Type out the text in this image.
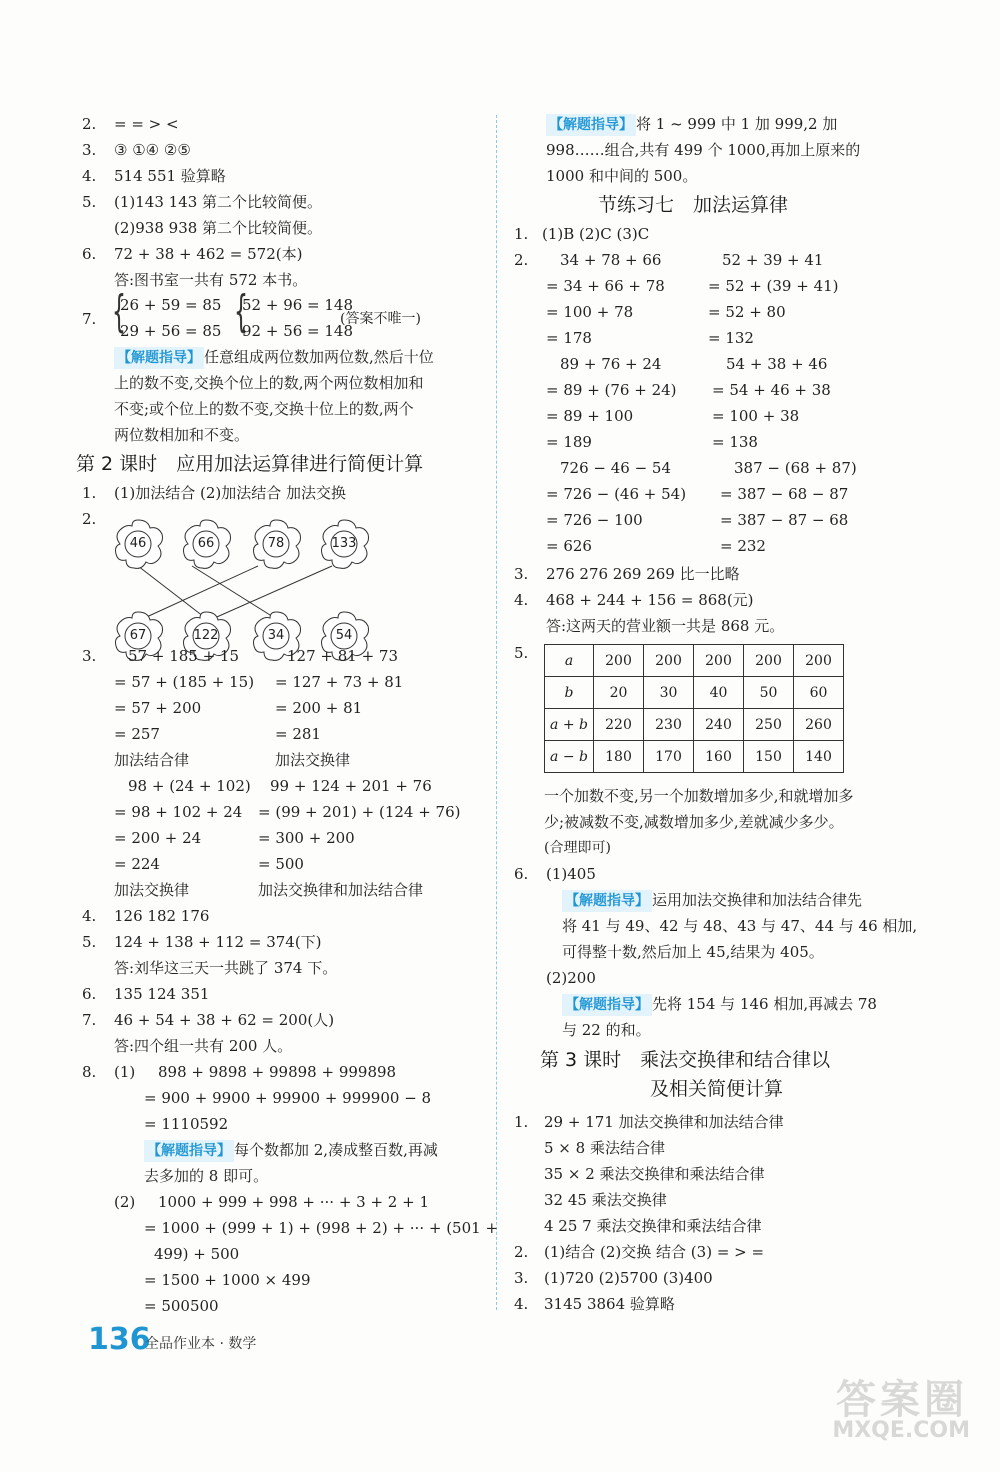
2. = = > <
3. ③ ①④ ②⑤
4. 514 551 验算略
5. (1)143 143 第二个比较简便。
(2)938 938 第二个比较简便。
6. 72 + 38 + 462 = 572(本)
答:图书室一共有 572 本书。
7. {
26 + 59 = 85
29 + 56 = 85 {
52 + 96 = 148
92 + 56 = 148
(答案不唯一)
【解题指导】 任意组成两位数加两位数,然后十位
上的数不变,交换个位上的数,两个两位数相加和
不变;或个位上的数不变,交换十位上的数,两个
两位数相加和不变。
第 2 课时　应用加法运算律进行简便计算
1. (1)加法结合 (2)加法结合 加法交换
2.
46	66	78	133
67	122	34	54
3. 57 + 185 + 15
= 57 + (185 + 15)
= 57 + 200
= 257
加法结合律
127 + 81 + 73
= 127 + 73 + 81
= 200 + 81
= 281
加法交换律
98 + (24 + 102)
= 98 + 102 + 24
= 200 + 24
= 224
加法交换律
99 + 124 + 201 + 76
= (99 + 201) + (124 + 76)
= 300 + 200
= 500
加法交换律和加法结合律
4. 126 182 176
5. 124 + 138 + 112 = 374(下)
答:刘华这三天一共跳了 374 下。
6. 135 124 351
7. 46 + 54 + 38 + 62 = 200(人)
答:四个组一共有 200 人。
8. (1) 898 + 9898 + 99898 + 999898
= 900 + 9900 + 99900 + 999900 − 8
= 1110592
【解题指导】 每个数都加 2,凑成整百数,再减
去多加的 8 即可。
(2) 1000 + 999 + 998 + ··· + 3 + 2 + 1
= 1000 + (999 + 1) + (998 + 2) + ··· + (501 +
499) + 500
= 1500 + 1000 × 499
= 500500
【解题指导】 将 1 ~ 999 中 1 加 999,2 加
998……组合,共有 499 个 1000,再加上原来的
1000 和中间的 500。
节练习七　加法运算律
1. (1)B (2)C (3)C
2. 34 + 78 + 66
= 34 + 66 + 78
= 100 + 78
= 178
52 + 39 + 41
= 52 + (39 + 41)
= 52 + 80
= 132
89 + 76 + 24
= 89 + (76 + 24)
= 89 + 100
= 189
54 + 38 + 46
= 54 + 46 + 38
= 100 + 38
= 138
726 − 46 − 54
= 726 − (46 + 54)
= 726 − 100
= 626
387 − (68 + 87)
= 387 − 68 − 87
= 387 − 87 − 68
= 232
3. 276 276 269 269 比一比略
4. 468 + 244 + 156 = 868(元)
答:这两天的营业额一共是 868 元。
5.	a	200	200	200	200	200
b	20	30	40	50	60
a + b	220	230	240	250	260
a − b	180	170	160	150	140
一个加数不变,另一个加数增加多少,和就增加多
少;被减数不变,减数增加多少,差就减少多少。
(合理即可)
6. (1)405
【解题指导】 运用加法交换律和加法结合律先
将 41 与 49、42 与 48、43 与 47、44 与 46 相加,
可得整十数,然后加上 45,结果为 405。
(2)200
【解题指导】 先将 154 与 146 相加,再减去 78
与 22 的和。
第 3 课时　乘法交换律和结合律以
及相关简便计算
1. 29 + 171 加法交换律和加法结合律
5 × 8 乘法结合律
35 × 2 乘法交换律和乘法结合律
32 45 乘法交换律
4 25 7 乘法交换律和乘法结合律
2. (1)结合 (2)交换 结合 (3) = > =
3. (1)720 (2)5700 (3)400
4. 3145 3864 验算略
136
全品作业本 · 数学
答案圈
MXQE.COM
